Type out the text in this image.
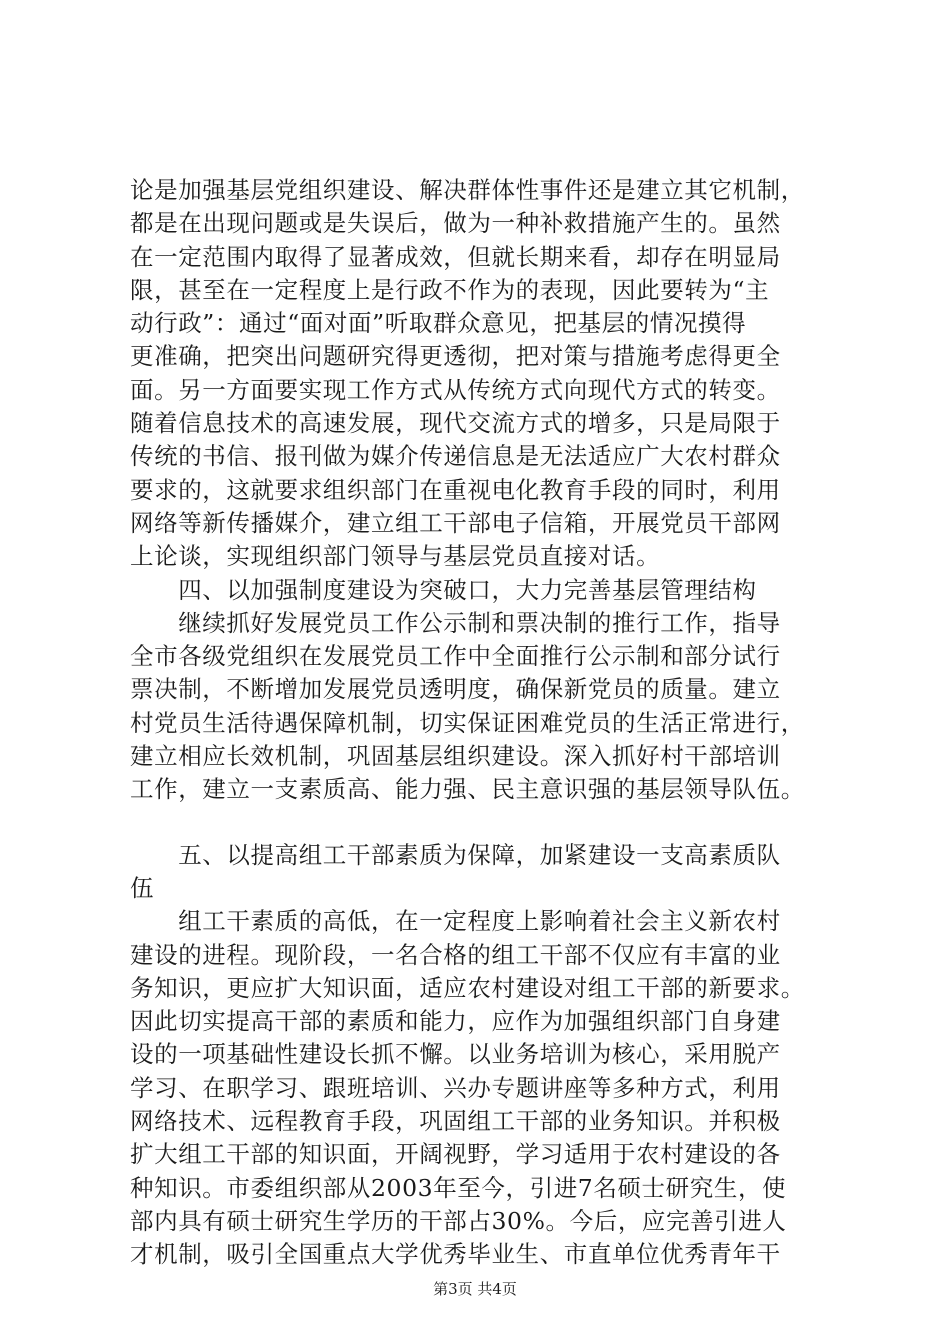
论是加强基层党组织建设、解决群体性事件还是建立其它机制，
都是在出现问题或是失误后，做为一种补救措施产生的。虽然
在一定范围内取得了显著成效，但就长期来看，却存在明显局
限，甚至在一定程度上是行政不作为的表现，因此要转为“主
动行政”：通过“面对面”听取群众意见，把基层的情况摸得
更准确，把突出问题研究得更透彻，把对策与措施考虑得更全
面。另一方面要实现工作方式从传统方式向现代方式的转变。
随着信息技术的高速发展，现代交流方式的增多，只是局限于
传统的书信、报刊做为媒介传递信息是无法适应广大农村群众
要求的，这就要求组织部门在重视电化教育手段的同时，利用
网络等新传播媒介，建立组工干部电子信箱，开展党员干部网
上论谈，实现组织部门领导与基层党员直接对话。
　　四、以加强制度建设为突破口，大力完善基层管理结构
　　继续抓好发展党员工作公示制和票决制的推行工作，指导
全市各级党组织在发展党员工作中全面推行公示制和部分试行
票决制，不断增加发展党员透明度，确保新党员的质量。建立
村党员生活待遇保障机制，切实保证困难党员的生活正常进行，
建立相应长效机制，巩固基层组织建设。深入抓好村干部培训
工作，建立一支素质高、能力强、民主意识强的基层领导队伍。
　　五、以提高组工干部素质为保障，加紧建设一支高素质队
伍
　　组工干素质的高低，在一定程度上影响着社会主义新农村
建设的进程。现阶段，一名合格的组工干部不仅应有丰富的业
务知识，更应扩大知识面，适应农村建设对组工干部的新要求。
因此切实提高干部的素质和能力，应作为加强组织部门自身建
设的一项基础性建设长抓不懈。以业务培训为核心，采用脱产
学习、在职学习、跟班培训、兴办专题讲座等多种方式，利用
网络技术、远程教育手段，巩固组工干部的业务知识。并积极
扩大组工干部的知识面，开阔视野，学习适用于农村建设的各
种知识。市委组织部从2003年至今，引进7名硕士研究生，使
部内具有硕士研究生学历的干部占30%。今后，应完善引进人
才机制，吸引全国重点大学优秀毕业生、市直单位优秀青年干
第3页 共4页
